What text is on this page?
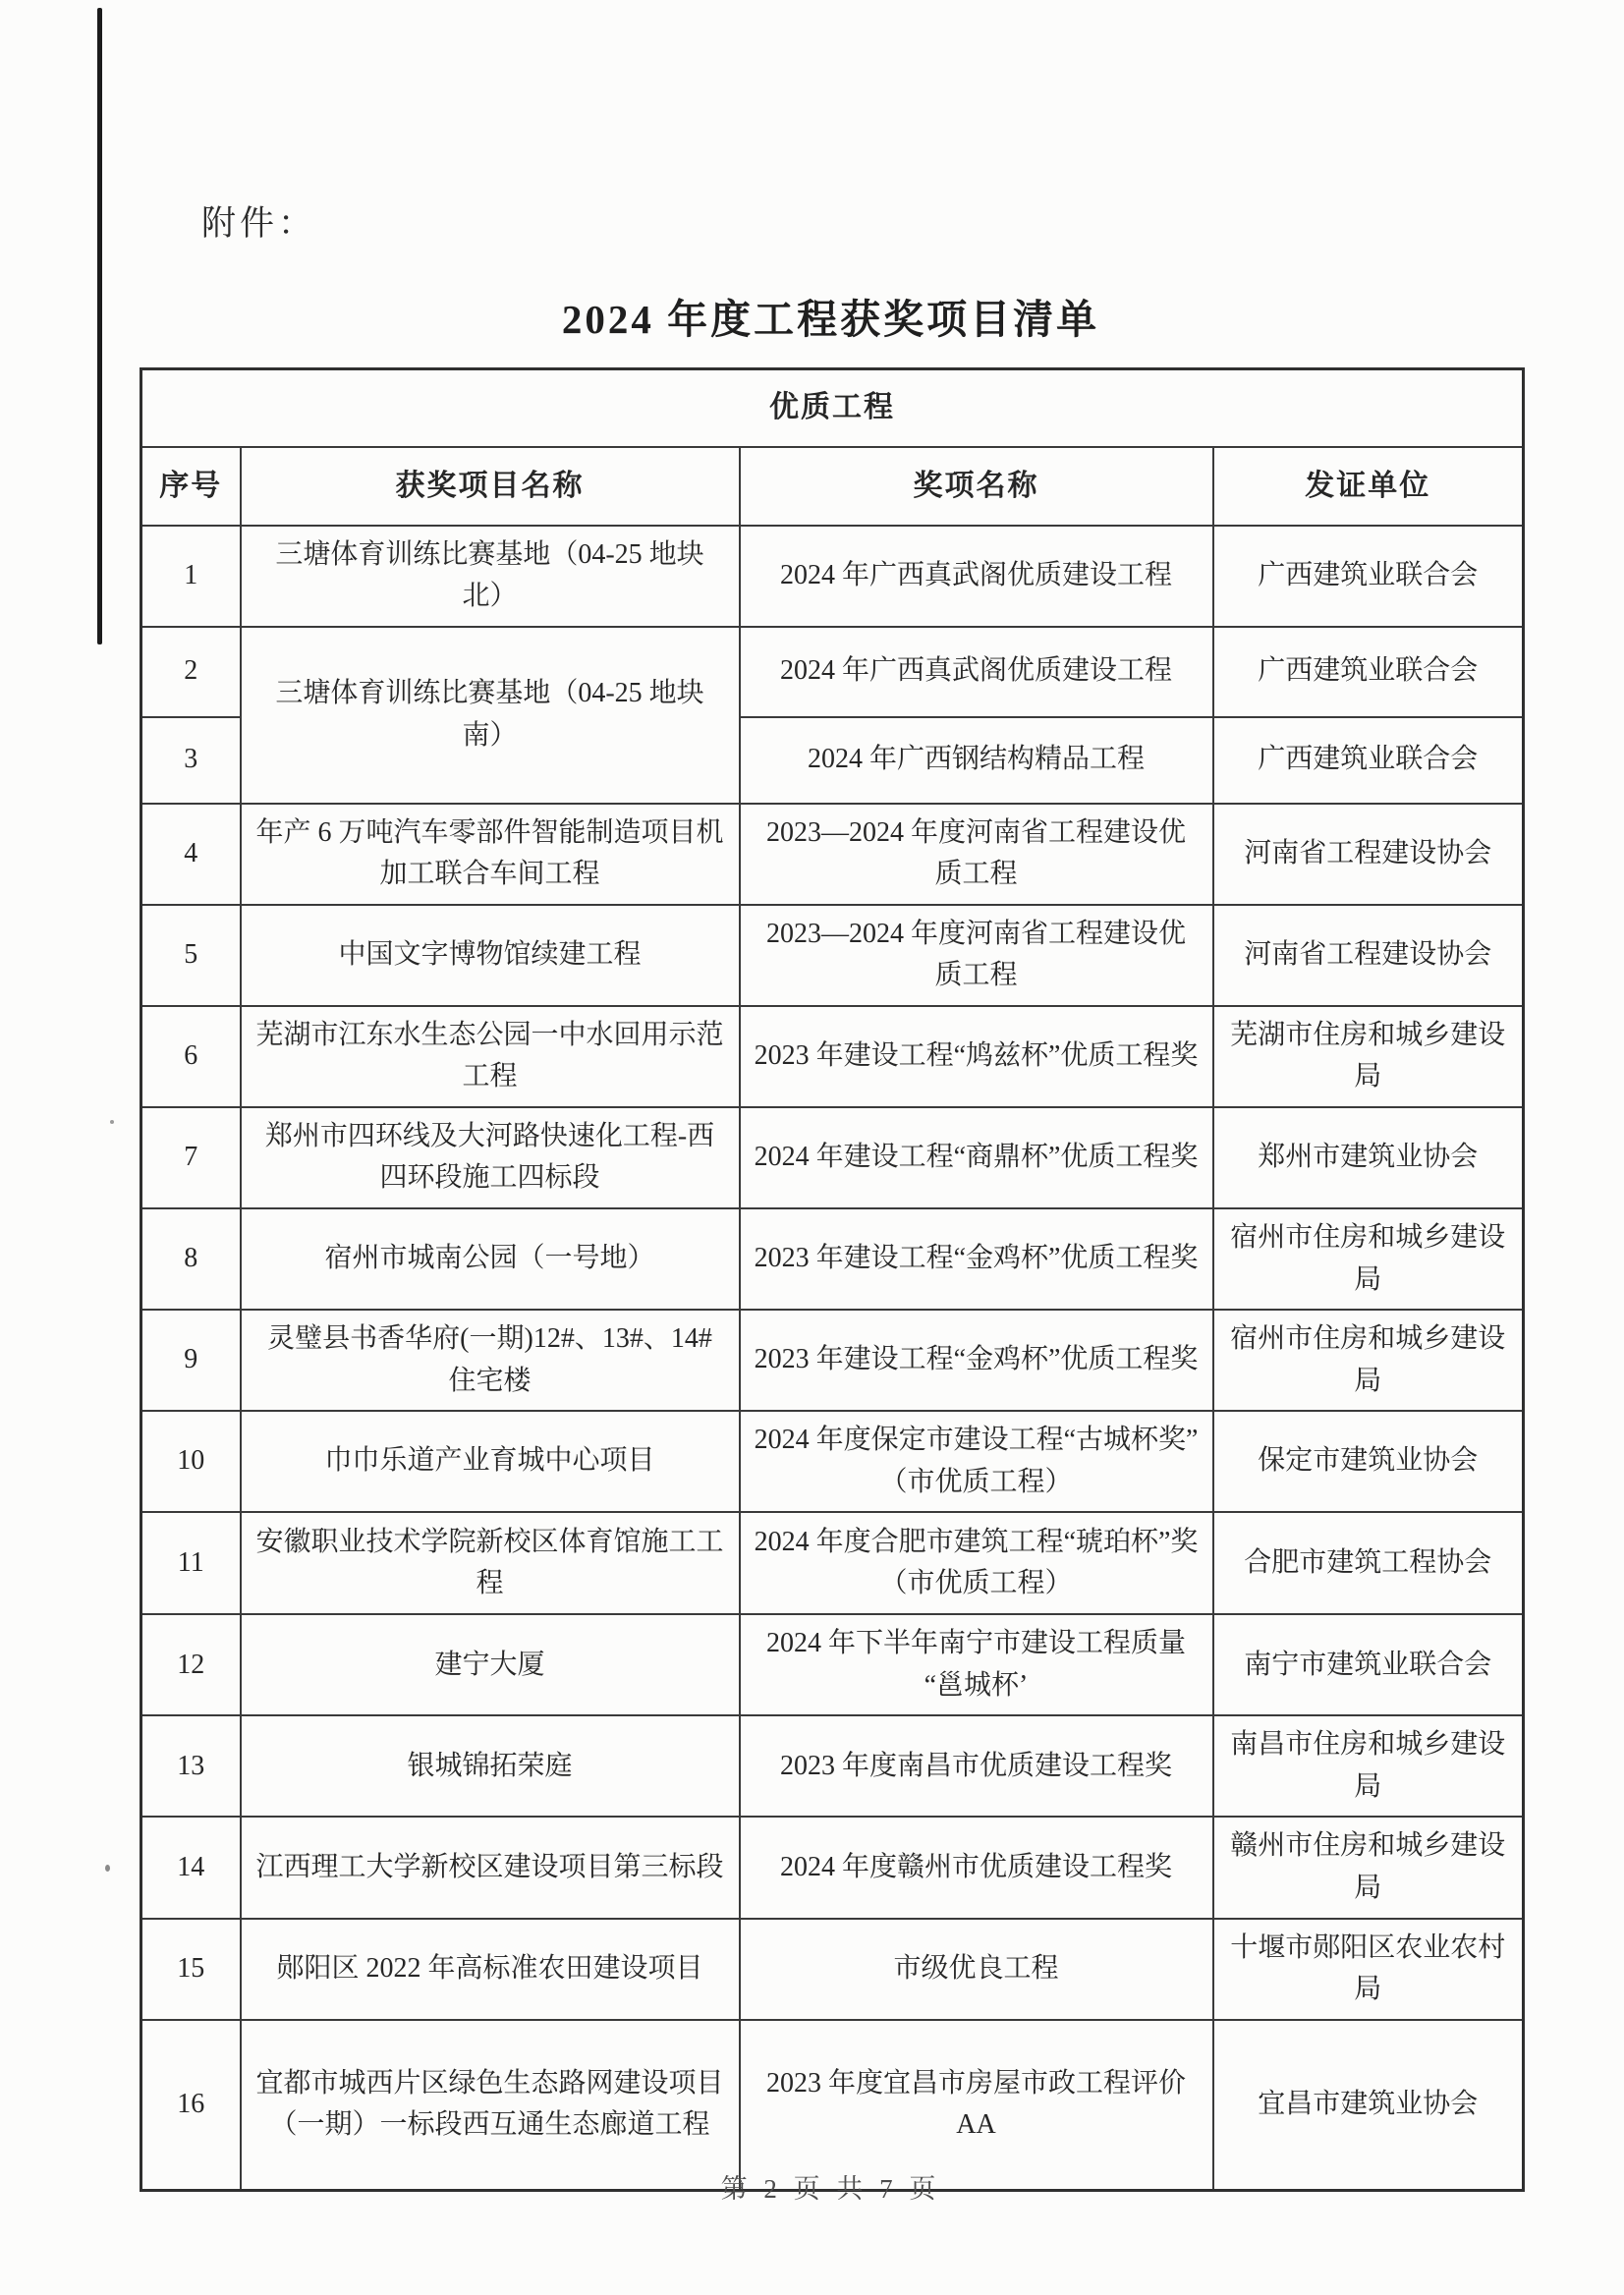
附件：
2024 年度工程获奖项目清单
优质工程			
序号	获奖项目名称	奖项名称	发证单位
1	三塘体育训练比赛基地（04-25 地块北）	2024 年广西真武阁优质建设工程	广西建筑业联合会
2	三塘体育训练比赛基地（04-25 地块南）	2024 年广西真武阁优质建设工程	广西建筑业联合会
3		2024 年广西钢结构精品工程	广西建筑业联合会
4	年产 6 万吨汽车零部件智能制造项目机加工联合车间工程	2023—2024 年度河南省工程建设优质工程	河南省工程建设协会
5	中国文字博物馆续建工程	2023—2024 年度河南省工程建设优质工程	河南省工程建设协会
6	芜湖市江东水生态公园一中水回用示范工程	2023 年建设工程“鸠兹杯”优质工程奖	芜湖市住房和城乡建设局
7	郑州市四环线及大河路快速化工程-西四环段施工四标段	2024 年建设工程“商鼎杯”优质工程奖	郑州市建筑业协会
8	宿州市城南公园（一号地）	2023 年建设工程“金鸡杯”优质工程奖	宿州市住房和城乡建设局
9	灵璧县书香华府(一期)12#、13#、14#住宅楼	2023 年建设工程“金鸡杯”优质工程奖	宿州市住房和城乡建设局
10	巾巾乐道产业育城中心项目	2024 年度保定市建设工程“古城杯奖”（市优质工程）	保定市建筑业协会
11	安徽职业技术学院新校区体育馆施工工程	2024 年度合肥市建筑工程“琥珀杯”奖（市优质工程）	合肥市建筑工程协会
12	建宁大厦	2024 年下半年南宁市建设工程质量“邕城杯’	南宁市建筑业联合会
13	银城锦拓荣庭	2023 年度南昌市优质建设工程奖	南昌市住房和城乡建设局
14	江西理工大学新校区建设项目第三标段	2024 年度赣州市优质建设工程奖	赣州市住房和城乡建设局
15	郧阳区 2022 年高标准农田建设项目	市级优良工程	十堰市郧阳区农业农村局
16	宜都市城西片区绿色生态路网建设项目（一期）一标段西互通生态廊道工程	2023 年度宜昌市房屋市政工程评价 AA	宜昌市建筑业协会
第 2 页 共 7 页
